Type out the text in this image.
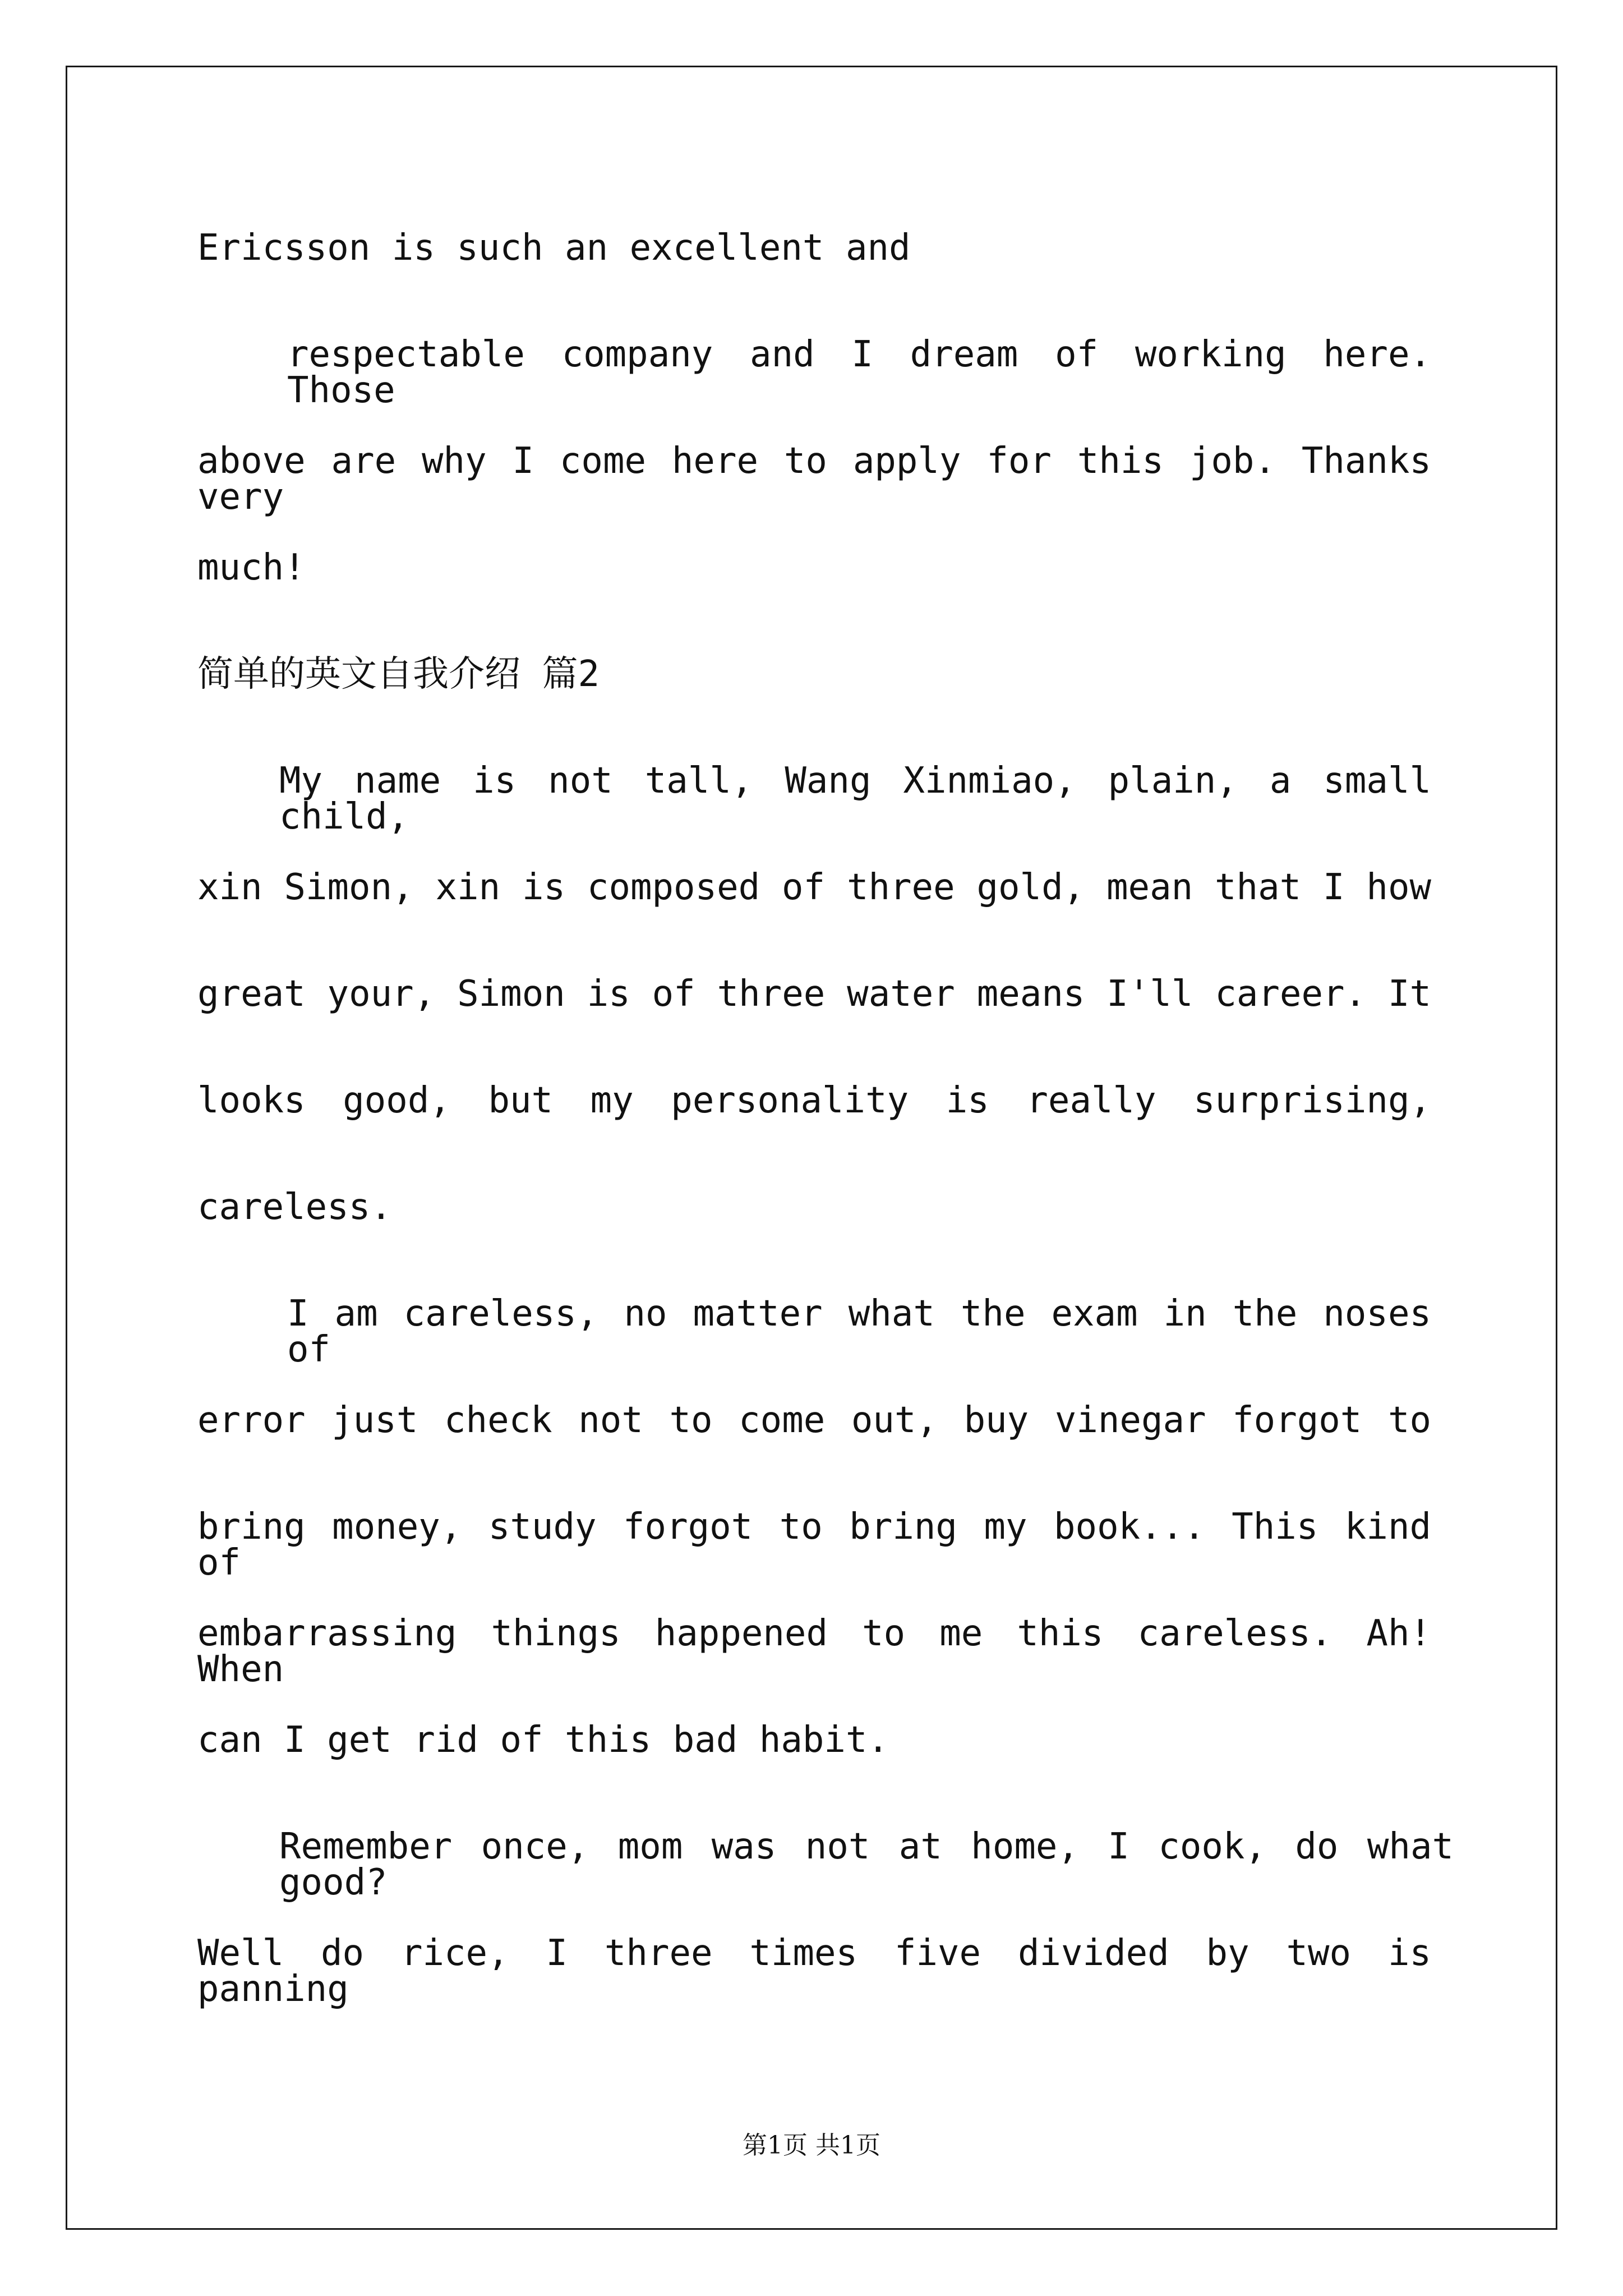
Ericsson is such an excellent and
respectable company and I dream of working here. Those
above are why I come here to apply for this job. Thanks very
much!
简单的英文自我介绍 篇2
My name is not tall, Wang Xinmiao, plain, a small child,
xin Simon, xin is composed of three gold, mean that I how
great your, Simon is of three water means I'll career. It
looks good, but my personality is really surprising,
careless.
I am careless, no matter what the exam in the noses of
error just check not to come out, buy vinegar forgot to
bring money, study forgot to bring my book... This kind of
embarrassing things happened to me this careless. Ah! When
can I get rid of this bad habit.
Remember once, mom was not at home, I cook, do what good?
Well do rice, I three times five divided by two is panning
第1页 共1页
